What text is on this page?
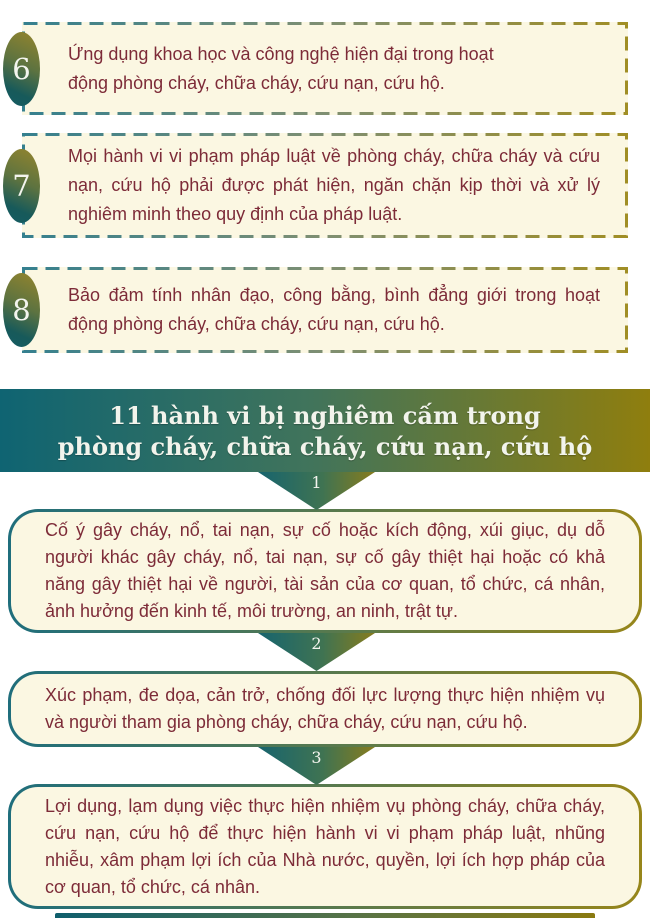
6	Ứng dụng khoa học và công nghệ hiện đại trong hoạt động phòng cháy, chữa cháy, cứu nạn, cứu hộ.
7
Mọi hành vi vi phạm pháp luật về phòng cháy, chữa cháy và cứu nạn, cứu hộ phải được phát hiện, ngăn chặn kịp thời và xử lý nghiêm minh theo quy định của pháp luật.
8	Bảo đảm tính nhân đạo, công bằng, bình đẳng giới trong hoạt động phòng cháy, chữa cháy, cứu nạn, cứu hộ.
11 hành vi bị nghiêm cấm trong
phòng cháy, chữa cháy, cứu nạn, cứu hộ
1
Cố ý gây cháy, nổ, tai nạn, sự cố hoặc kích động, xúi giục, dụ dỗ người khác gây cháy, nổ, tai nạn, sự cố gây thiệt hại hoặc có khả năng gây thiệt hại về người, tài sản của cơ quan, tổ chức, cá nhân, ảnh hưởng đến kinh tế, môi trường, an ninh, trật tự.
2
Xúc phạm, đe dọa, cản trở, chống đối lực lượng thực hiện nhiệm vụ và người tham gia phòng cháy, chữa cháy, cứu nạn, cứu hộ.
3
Lợi dụng, lạm dụng việc thực hiện nhiệm vụ phòng cháy, chữa cháy, cứu nạn, cứu hộ để thực hiện hành vi vi phạm pháp luật, nhũng nhiễu, xâm phạm lợi ích của Nhà nước, quyền, lợi ích hợp pháp của cơ quan, tổ chức, cá nhân.
